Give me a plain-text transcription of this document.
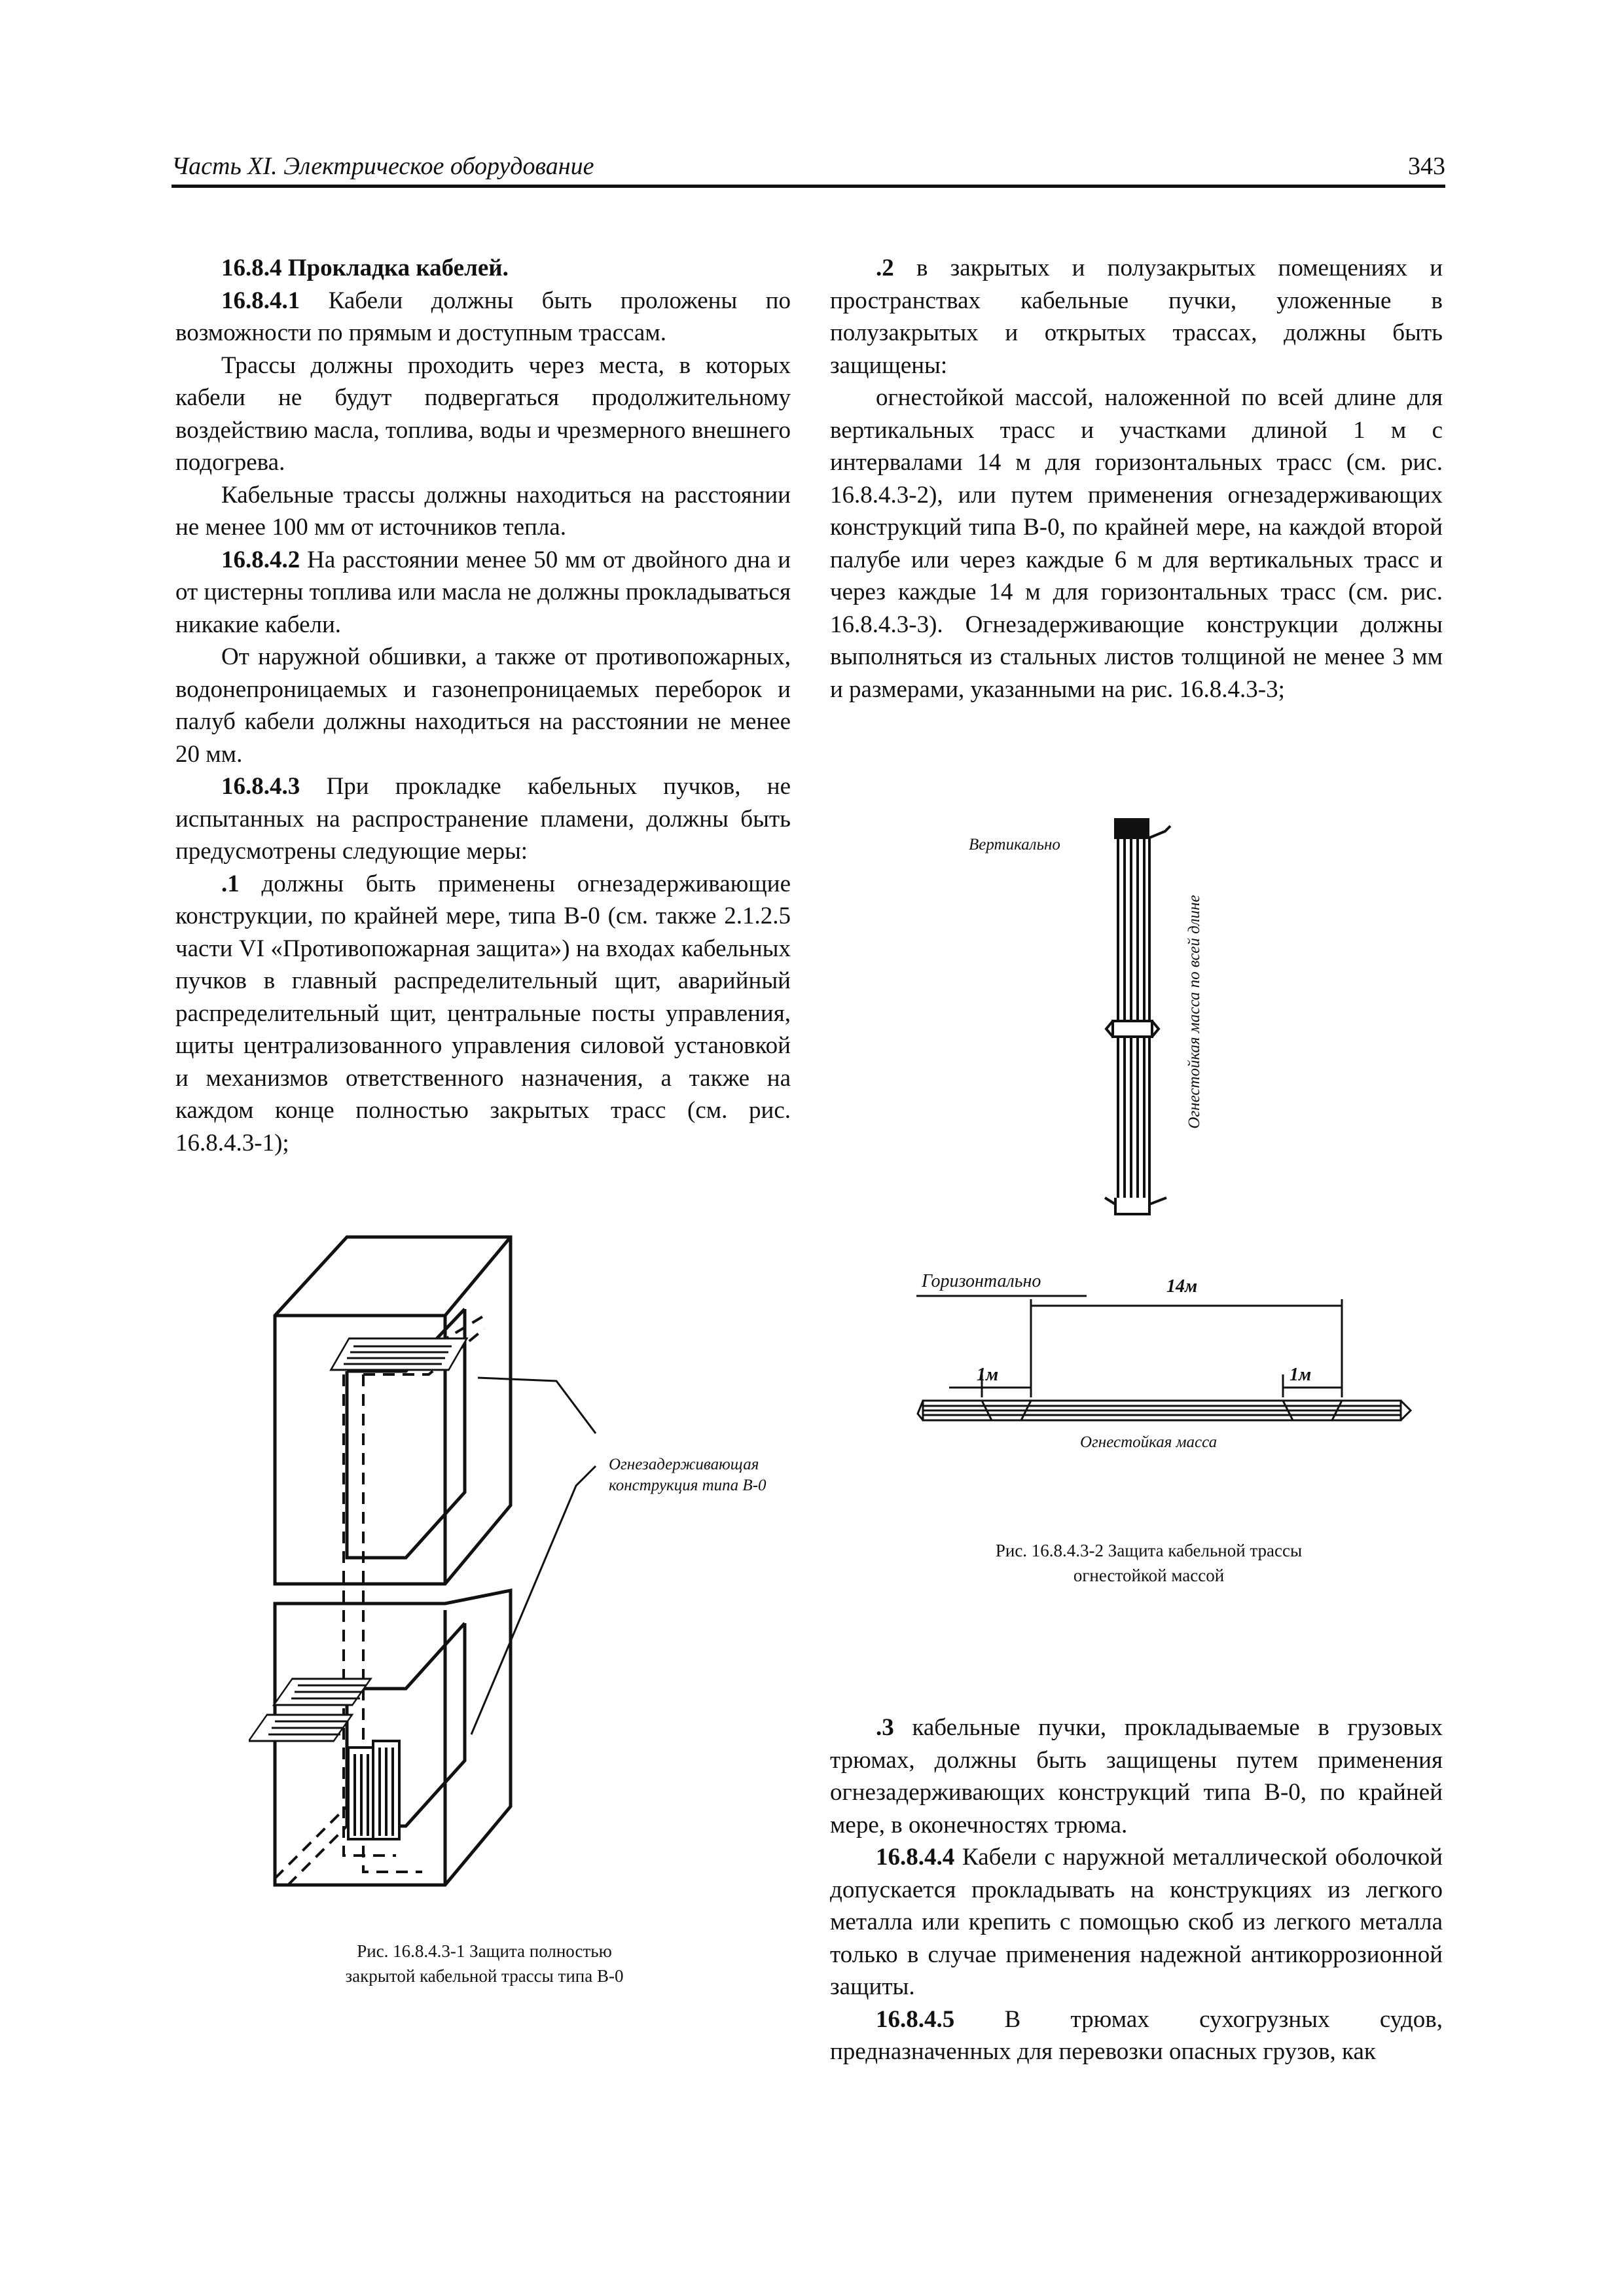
Часть XI. Электрическое оборудование	343

16.8.4 Прокладка кабелей.

16.8.4.1 Кабели должны быть проложены по возможности по прямым и доступным трассам.

Трассы должны проходить через места, в которых кабели не будут подвергаться продолжительному воздействию масла, топлива, воды и чрезмерного внешнего подогрева.

Кабельные трассы должны находиться на расстоянии не менее 100 мм от источников тепла.

16.8.4.2 На расстоянии менее 50 мм от двойного дна и от цистерны топлива или масла не должны прокладываться никакие кабели.

От наружной обшивки, а также от противопожарных, водонепроницаемых и газонепроницаемых переборок и палуб кабели должны находиться на расстоянии не менее 20 мм.

16.8.4.3 При прокладке кабельных пучков, не испытанных на распространение пламени, должны быть предусмотрены следующие меры:

.1 должны быть применены огнезадерживающие конструкции, по крайней мере, типа В-0 (см. также 2.1.2.5 части VI «Противопожарная защита») на входах кабельных пучков в главный распределительный щит, аварийный распределительный щит, центральные посты управления, щиты централизованного управления силовой установкой и механизмов ответственного назначения, а также на каждом конце полностью закрытых трасс (см. рис. 16.8.4.3-1);

.2 в закрытых и полузакрытых помещениях и пространствах кабельные пучки, уложенные в полузакрытых и открытых трассах, должны быть защищены:

огнестойкой массой, наложенной по всей длине для вертикальных трасс и участками длиной 1 м с интервалами 14 м для горизонтальных трасс (см. рис. 16.8.4.3-2), или путем применения огнезадерживающих конструкций типа В-0, по крайней мере, на каждой второй палубе или через каждые 6 м для вертикальных трасс и через каждые 14 м для горизонтальных трасс (см. рис. 16.8.4.3-3). Огнезадерживающие конструкции должны выполняться из стальных листов толщиной не менее 3 мм и размерами, указанными на рис. 16.8.4.3-3;

.3 кабельные пучки, прокладываемые в грузовых трюмах, должны быть защищены путем применения огнезадерживающих конструкций типа В-0, по крайней мере, в оконечностях трюма.

16.8.4.4 Кабели с наружной металлической оболочкой допускается прокладывать на конструкциях из легкого металла или крепить с помощью скоб из легкого металла только в случае применения надежной антикоррозионной защиты.

16.8.4.5 В трюмах сухогрузных судов, предназначенных для перевозки опасных грузов, как

Огнезадерживающая конструкция типа В-0
Рис. 16.8.4.3-1 Защита полностью
закрытой кабельной трассы типа В-0
Вертикально
Огнестойкая масса по всей длине
Горизонтально	14м
1м	1м
Огнестойкая масса
Рис. 16.8.4.3-2 Защита кабельной трассы
огнестойкой массой
